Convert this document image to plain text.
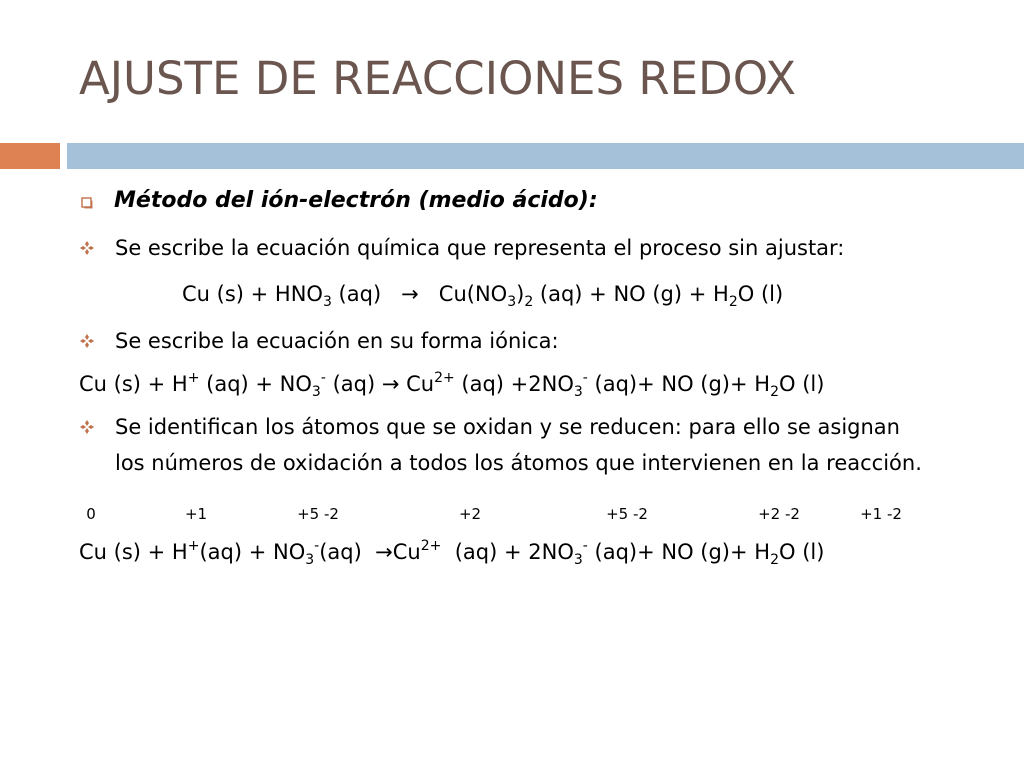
AJUSTE DE REACCIONES REDOX
Método del ión-electrón (medio ácido):
Se escribe la ecuación química que representa el proceso sin ajustar:
Cu $(s) + HNO_3$ $(aq) \to Cu(NO_3)_2$ (aq) + NO $(g) + H_2O$ (l)
Se escribe la ecuación en su forma iónica:
Cu (s) + H+ $(aq) + NO_3^-$ $(aq) \to Cu^{2+}$ $(aq) +2NO_3^-$ (aq)+ NO $(g)+ H_2O$ (l)
Se identifican los átomos que se oxidan y se reducen: para ello se asignan
los números de oxidación a todos los átomos que intervienen en la reacción.
0	+1	+5 -2	+2	+5 -2	+2 -2	+1 -2
Cu $(s) + H^+(aq) + NO_3^-(aq) \to Cu^{2+}$  $(aq) + 2NO_3^-$ (aq)+ NO $(g)+ H_2O$ (l)
